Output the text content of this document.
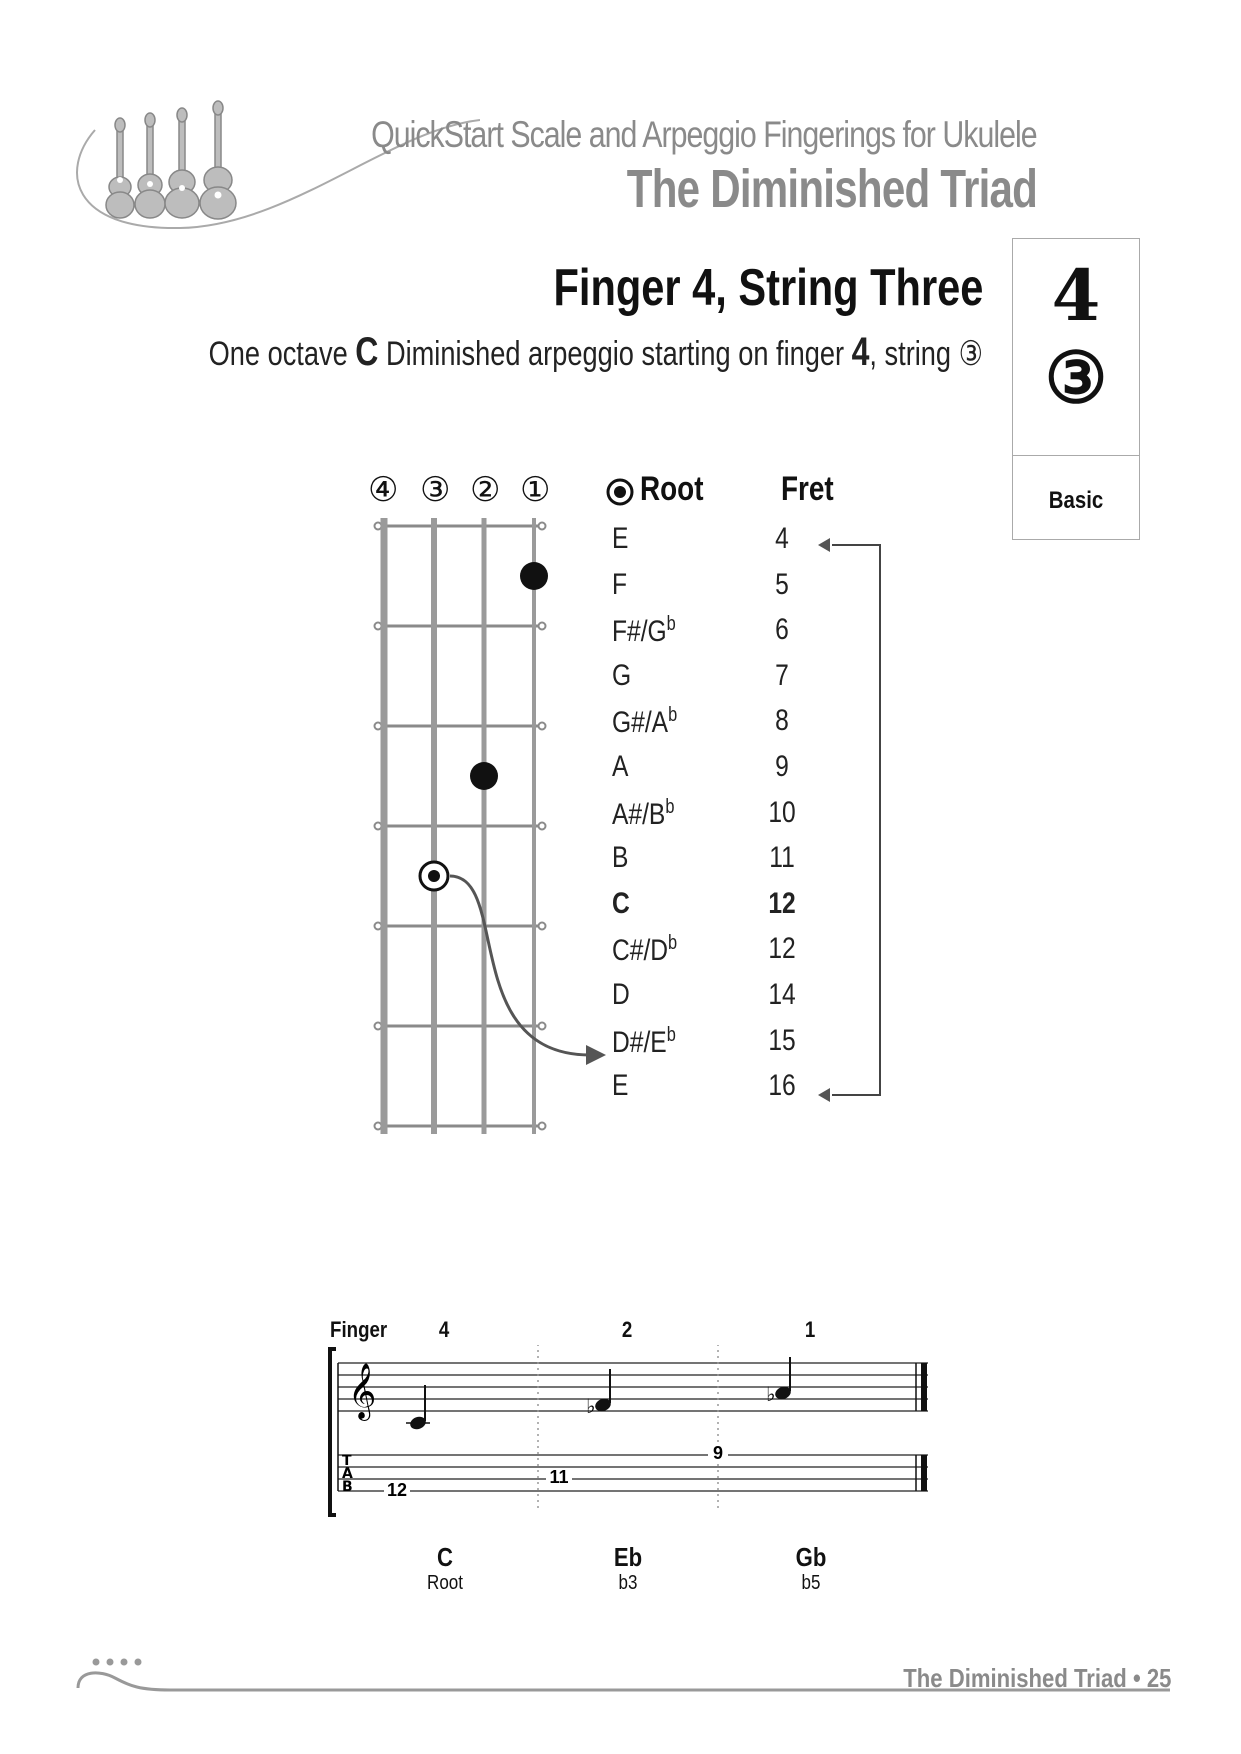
QuickStart Scale and Arpeggio Fingerings for Ukulele
The Diminished Triad
Finger 4, String Three
One octave C Diminished arpeggio starting on finger 4, string ③
4
③
Basic
④ ③ ② ①	Root Fret
E	4
F	5
$F\#/G^b$	6
G	7
$G\#/A^b$	8
A	9
$A\#/B^b$	10
B	11
C	12
$C\#/D^b$	12
D	14
$D\#/E^b$	15
E	16
Finger 4	2	1
𝄞
T
A
B
♭	♭
12
11
9
C	Eb	Gb
Root	b3	b5
The Diminished Triad • 25
